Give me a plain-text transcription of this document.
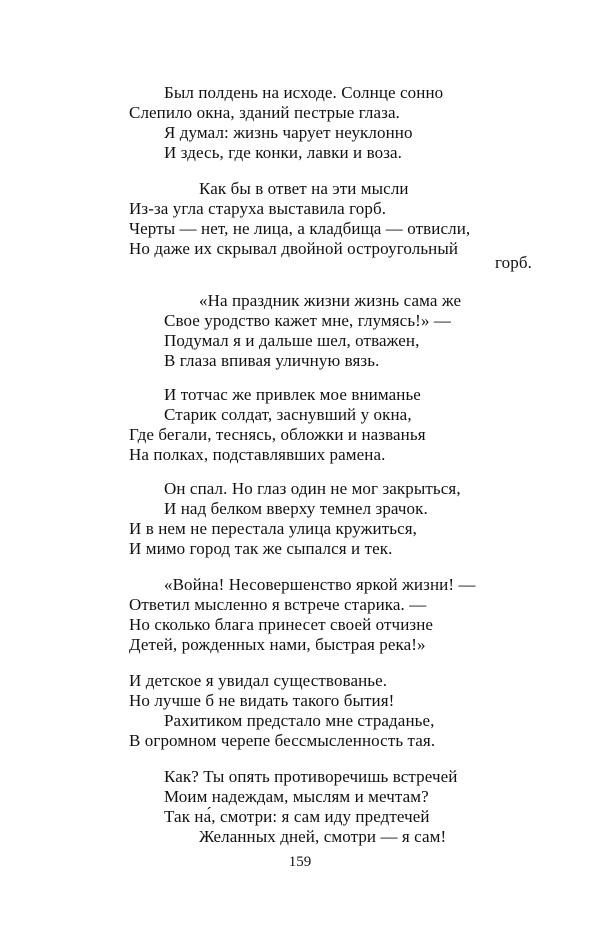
Был полдень на исходе. Солнце сонно
Слепило окна, зданий пестрые глаза.
Я думал: жизнь чарует неуклонно
И здесь, где конки, лавки и воза.
Как бы в ответ на эти мысли
Из-за угла старуха выставила горб.
Черты — нет, не лица, а кладбища — отвисли,
Но даже их скрывал двойной остроугольный
горб.
«На праздник жизни жизнь сама же
Свое уродство кажет мне, глумясь!» —
Подумал я и дальше шел, отважен,
В глаза впивая уличную вязь.
И тотчас же привлек мое вниманье
Старик солдат, заснувший у окна,
Где бегали, теснясь, обложки и названья
На полках, подставлявших рамена.
Он спал. Но глаз один не мог закрыться,
И над белком вверху темнел зрачок.
И в нем не перестала улица кружиться,
И мимо город так же сыпался и тек.
«Война! Несовершенство яркой жизни! —
Ответил мысленно я встрече старика. —
Но сколько блага принесет своей отчизне
Детей, рожденных нами, быстрая река!»
И детское я увидал существованье.
Но лучше б не видать такого бытия!
Рахитиком предстало мне страданье,
В огромном черепе бессмысленность тая.
Как? Ты опять противоречишь встречей
Моим надеждам, мыслям и мечтам?
Так на́, смотри: я сам иду предтечей
Желанных дней, смотри — я сам!
159
